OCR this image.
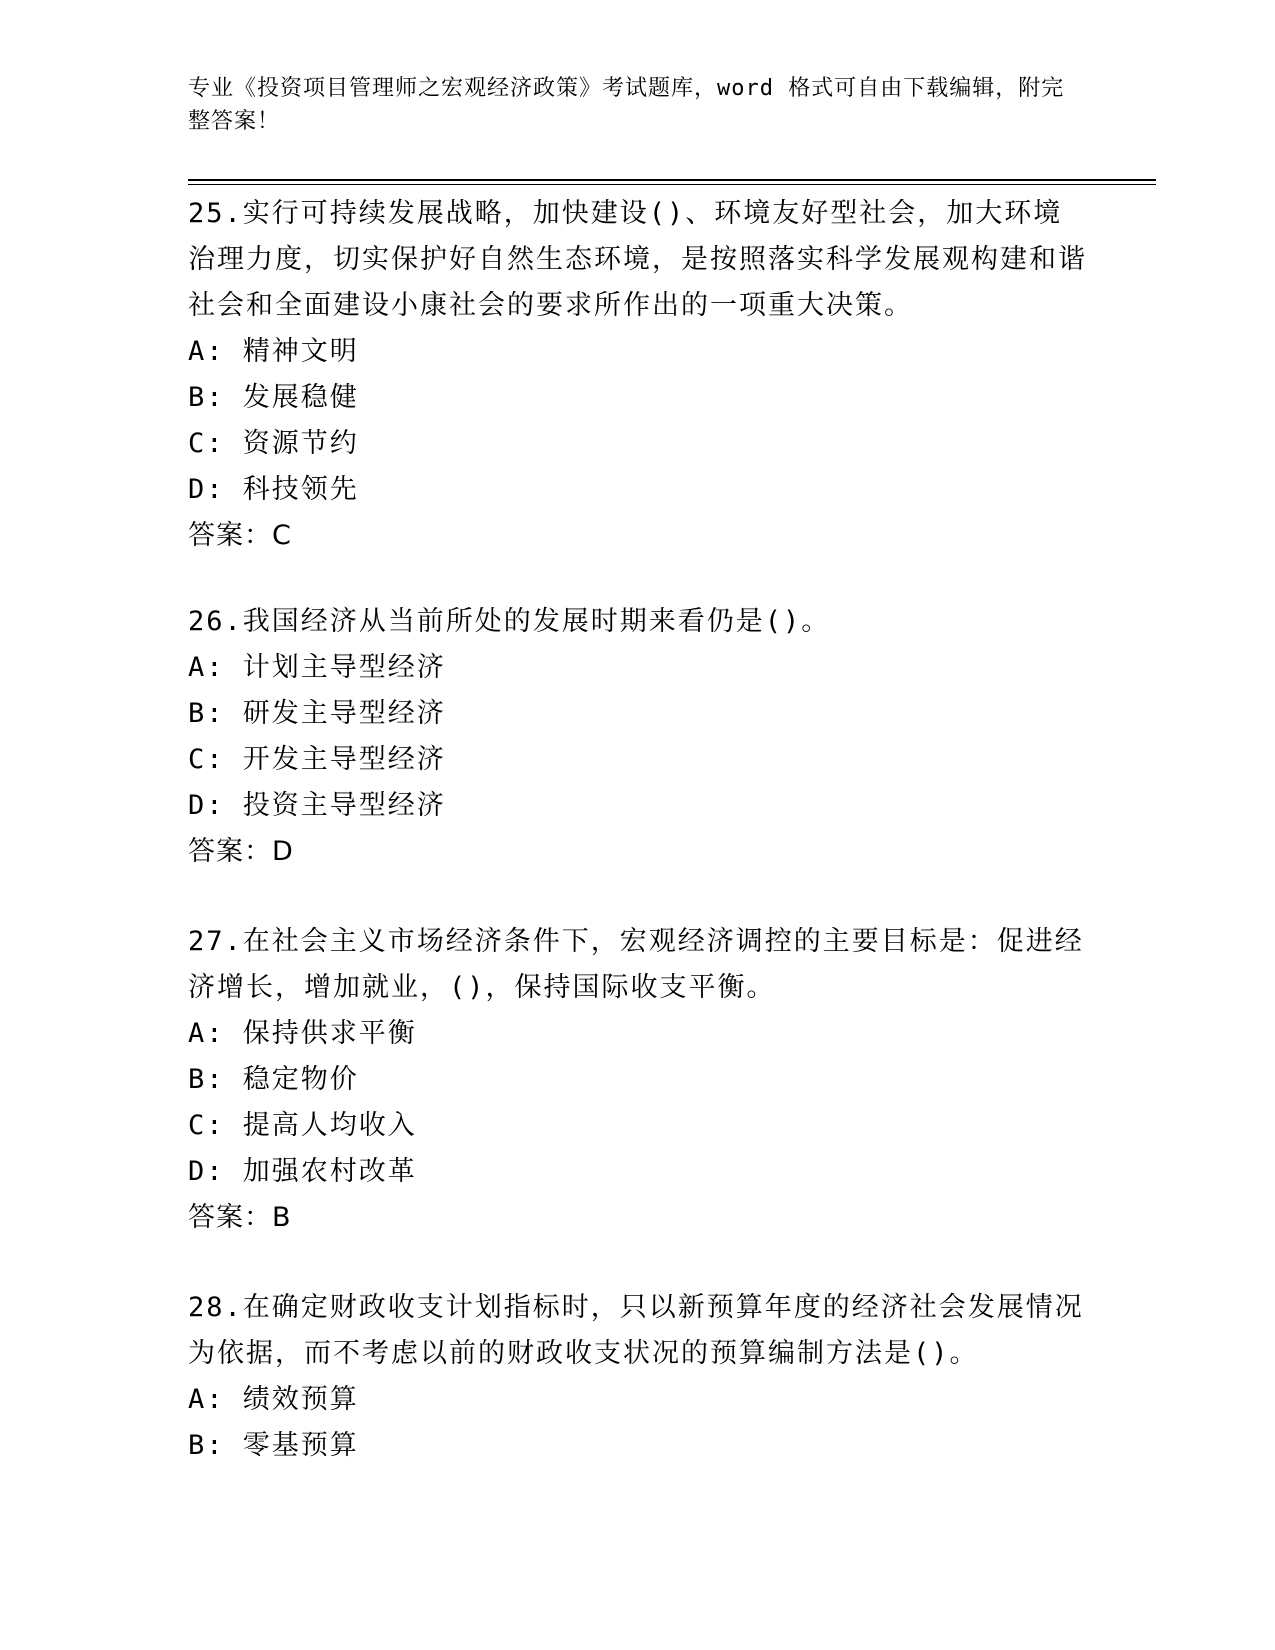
专业《投资项目管理师之宏观经济政策》考试题库，word 格式可自由下载编辑，附完整答案！

25.实行可持续发展战略，加快建设()、环境友好型社会，加大环境治理力度，切实保护好自然生态环境，是按照落实科学发展观构建和谐社会和全面建设小康社会的要求所作出的一项重大决策。

A: 精神文明

B: 发展稳健

C: 资源节约

D: 科技领先

答案：C

26.我国经济从当前所处的发展时期来看仍是()。

A: 计划主导型经济

B: 研发主导型经济

C: 开发主导型经济

D: 投资主导型经济

答案：D

27.在社会主义市场经济条件下，宏观经济调控的主要目标是：促进经济增长，增加就业，()，保持国际收支平衡。

A: 保持供求平衡

B: 稳定物价

C: 提高人均收入

D: 加强农村改革

答案：B

28.在确定财政收支计划指标时，只以新预算年度的经济社会发展情况为依据，而不考虑以前的财政收支状况的预算编制方法是()。

A: 绩效预算

B: 零基预算
